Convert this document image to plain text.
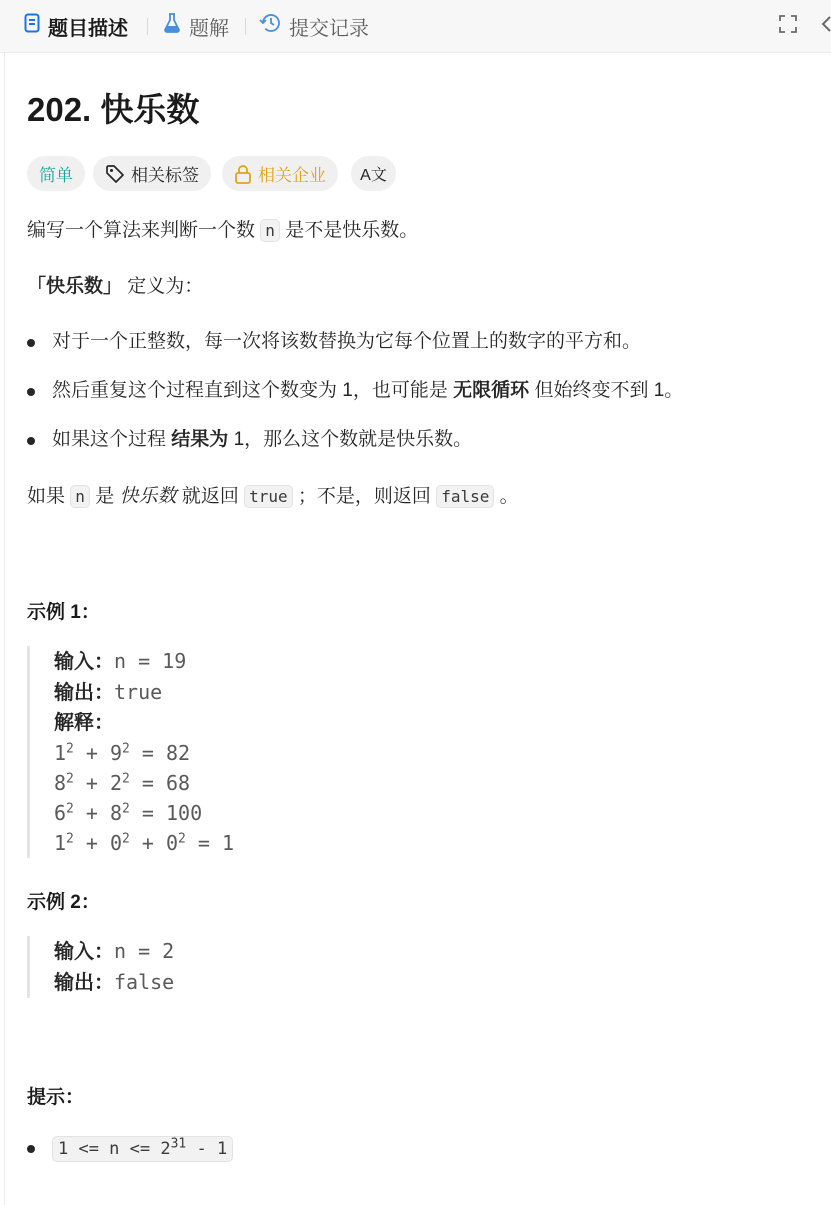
题目描述	题解	提交记录
202. 快乐数
简单	相关标签	相关企业 A文
编写一个算法来判断一个数 n 是不是快乐数。
「快乐数」 定义为：
对于一个正整数，每一次将该数替换为它每个位置上的数字的平方和。
然后重复这个过程直到这个数变为 1，也可能是 无限循环 但始终变不到 1。
如果这个过程 结果为 1，那么这个数就是快乐数。
如果 n 是 快乐数 就返回 true ；不是，则返回 false 。
示例 1：
输入：n = 19
输出：true
解释：
$1^2 + 9^2 = 82$
$8^2 + 2^2 = 68$
$6^2 + 8^2 = 100$
$1^2 + 0^2 + 0^2 = 1$
示例 2：
输入：n = 2
输出：false
提示：
$1 <= n <= 2^{31} - 1$
